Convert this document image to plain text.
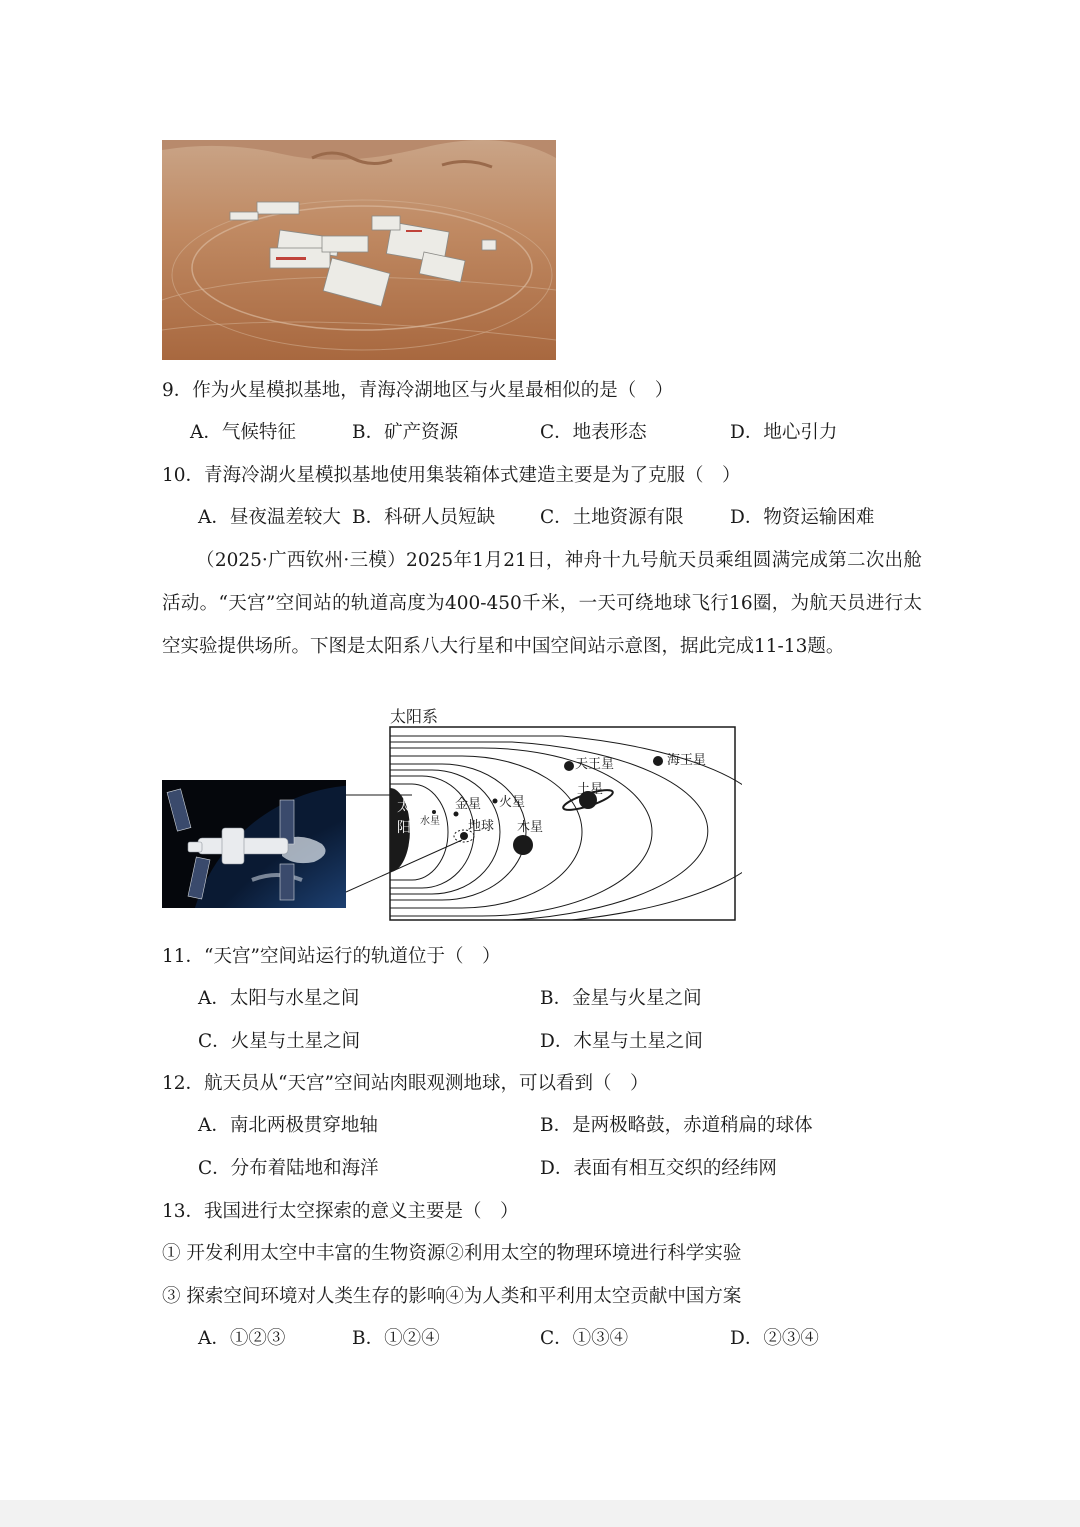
9．作为火星模拟基地，青海冷湖地区与火星最相似的是（　）
A．气候特征	B．矿产资源	C．地表形态	D．地心引力
10．青海冷湖火星模拟基地使用集装箱体式建造主要是为了克服（　）
A．昼夜温差较大 B．科研人员短缺 C．土地资源有限	D．物资运输困难
（2025·广西钦州·三模）2025年1月21日，神舟十九号航天员乘组圆满完成第二次出舱活动。“天宫”空间站的轨道高度为400-450千米，一天可绕地球飞行16圈，为航天员进行太空实验提供场所。下图是太阳系八大行星和中国空间站示意图，据此完成11-13题。
太阳系
太
阳 水星
金星
地球
火星
木星
土星
天王星	海王星
11．“天宫”空间站运行的轨道位于（　）
A．太阳与水星之间	B．金星与火星之间
C．火星与土星之间	D．木星与土星之间
12．航天员从“天宫”空间站肉眼观测地球，可以看到（　）
A．南北两极贯穿地轴	B．是两极略鼓，赤道稍扁的球体
C．分布着陆地和海洋	D．表面有相互交织的经纬网
13．我国进行太空探索的意义主要是（　）
① 开发利用太空中丰富的生物资源②利用太空的物理环境进行科学实验
③ 探索空间环境对人类生存的影响④为人类和平利用太空贡献中国方案
A．①②③	B．①②④	C．①③④	D．②③④
